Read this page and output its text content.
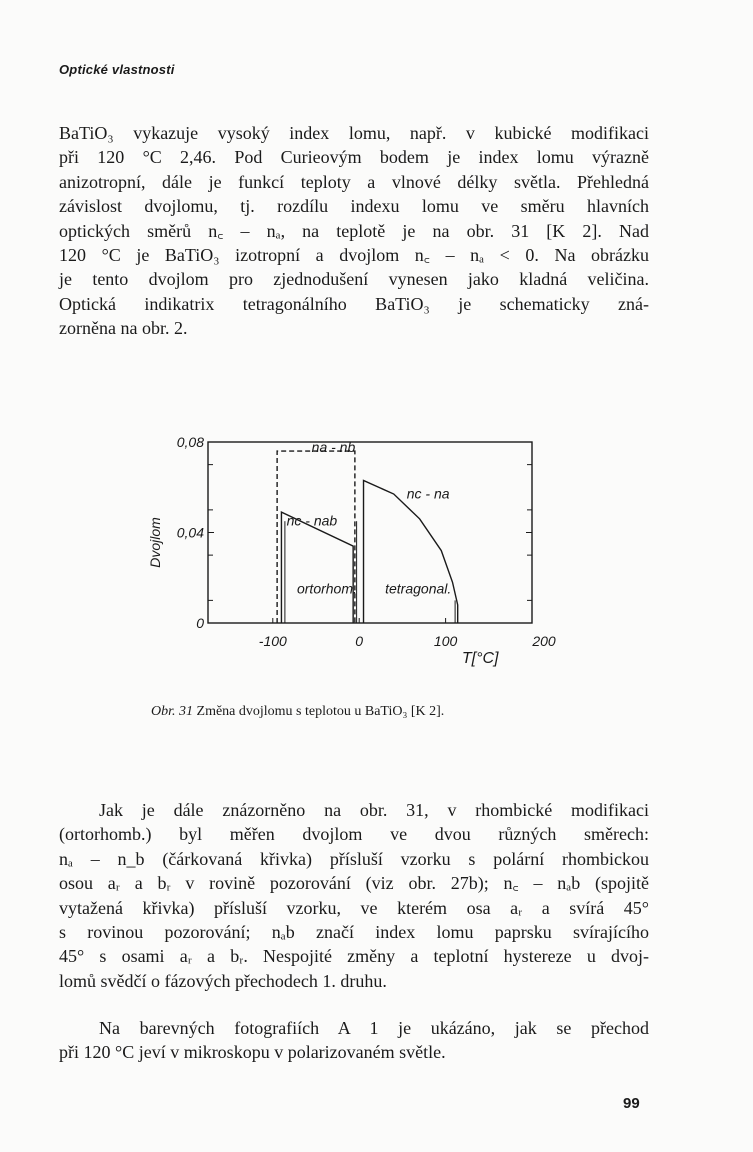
Optické vlastnosti
BaTiO₃ vykazuje vysoký index lomu, např. v kubické modifikaci
při 120 °C 2,46. Pod Curieovým bodem je index lomu výrazně
anizotropní, dále je funkcí teploty a vlnové délky světla. Přehledná
závislost dvojlomu, tj. rozdílu indexu lomu ve směru hlavních
optických směrů n꜀ – nₐ, na teplotě je na obr. 31 [K 2]. Nad
120 °C je BaTiO₃ izotropní a dvojlom n꜀ – nₐ < 0. Na obrázku
je tento dvojlom pro zjednodušení vynesen jako kladná veličina.
Optická indikatrix tetragonálního BaTiO₃ je schematicky zná-
zorněna na obr. 2.
0
0,04
0,08
-100	0	100	200
T[°C]
Dvojlom
na - nb
nc - nab
nc - na
ortorhom. tetragonal.
Obr. 31 Změna dvojlomu s teplotou u BaTiO₃ [K 2].
Jak je dále znázorněno na obr. 31, v rhombické modifikaci
(ortorhomb.) byl měřen dvojlom ve dvou různých směrech:
nₐ – n_b (čárkovaná křivka) přísluší vzorku s polární rhombickou
osou aᵣ a bᵣ v rovině pozorování (viz obr. 27b); n꜀ – nₐb (spojitě
vytažená křivka) přísluší vzorku, ve kterém osa aᵣ a svírá 45°
s rovinou pozorování; nₐb značí index lomu paprsku svírajícího
45° s osami aᵣ a bᵣ. Nespojité změny a teplotní hystereze u dvoj-
lomů svědčí o fázových přechodech 1. druhu.
Na barevných fotografiích A 1 je ukázáno, jak se přechod
při 120 °C jeví v mikroskopu v polarizovaném světle.
99
